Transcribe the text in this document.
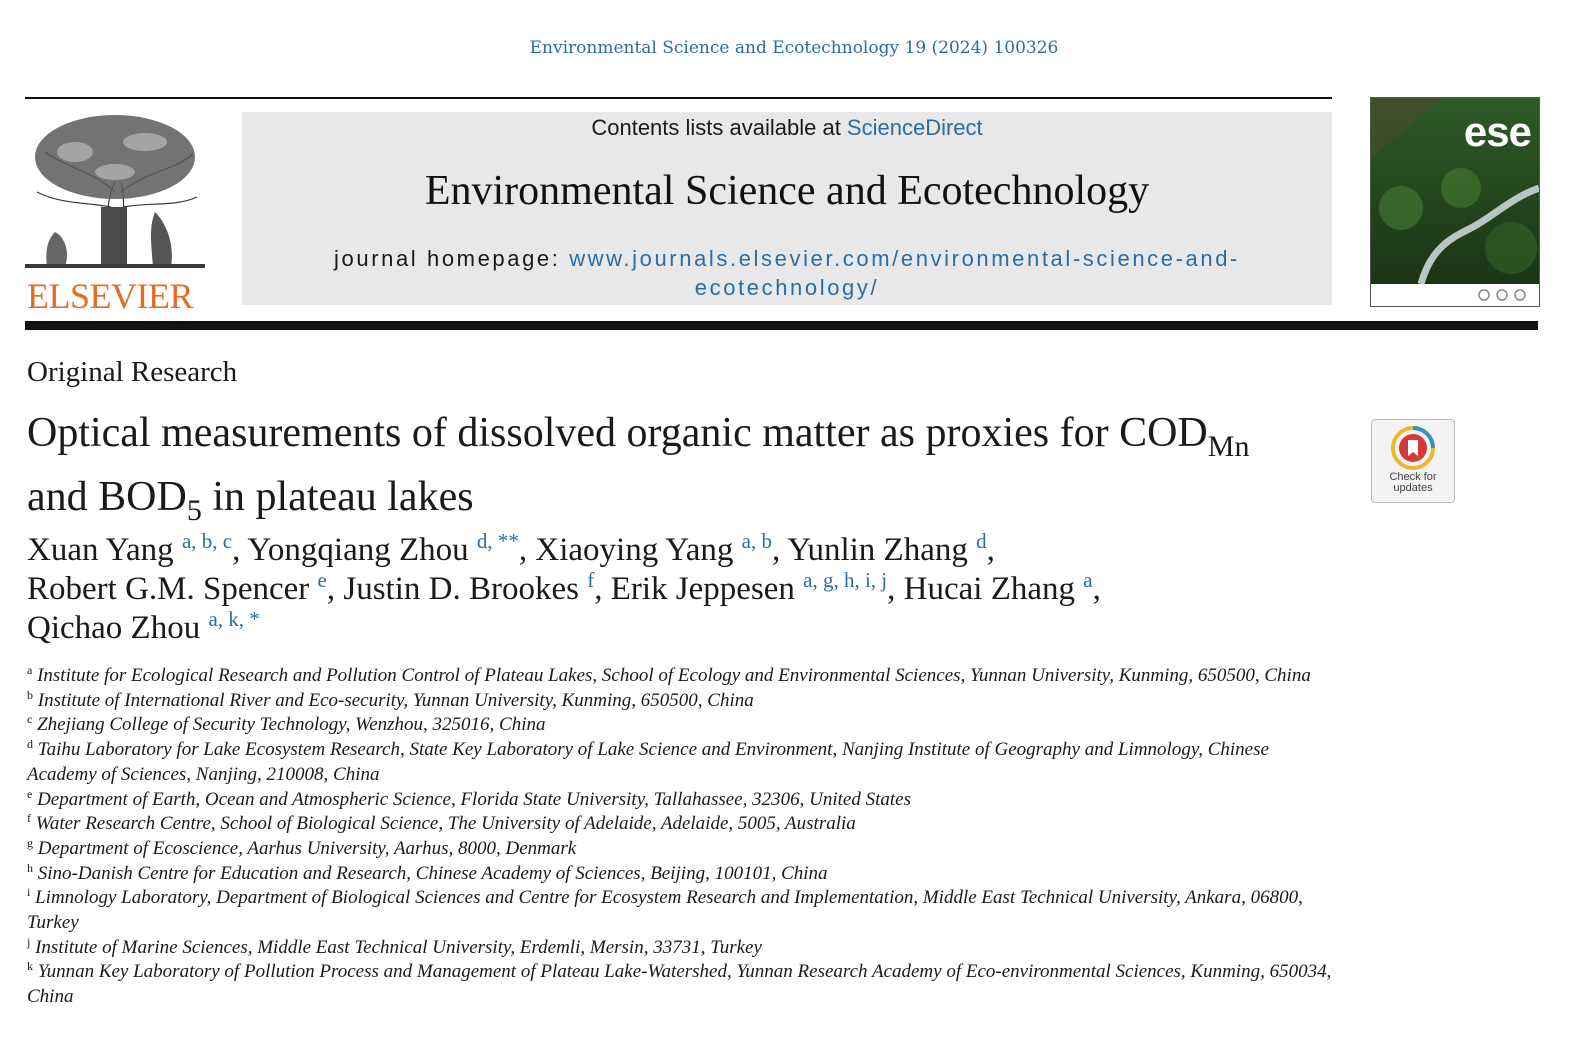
Environmental Science and Ecotechnology 19 (2024) 100326
ELSEVIER
Contents lists available at ScienceDirect
Environmental Science and Ecotechnology
journal homepage: www.journals.elsevier.com/environmental-science-and-ecotechnology/
ese
Original Research
Optical measurements of dissolved organic matter as proxies for $COD_{Mn}$ and $BOD_5$ in plateau lakes	Check for
updates
Xuan Yang $^{a, b, c}$, Yongqiang Zhou $^{d, **}$, Xiaoying Yang $^{a, b}$, Yunlin Zhang $^d$,
Robert G.M. Spencer $^e$, Justin D. Brookes $^f$, Erik Jeppesen $^{a, g, h, i, j}$, Hucai Zhang $^a$,
Qichao Zhou $^{a, k, *}$

$^a$ Institute for Ecological Research and Pollution Control of Plateau Lakes, School of Ecology and Environmental Sciences, Yunnan University, Kunming, 650500, China

$^b$ Institute of International River and Eco-security, Yunnan University, Kunming, 650500, China

$^c$ Zhejiang College of Security Technology, Wenzhou, 325016, China

$^d$ Taihu Laboratory for Lake Ecosystem Research, State Key Laboratory of Lake Science and Environment, Nanjing Institute of Geography and Limnology, Chinese Academy of Sciences, Nanjing, 210008, China

$^e$ Department of Earth, Ocean and Atmospheric Science, Florida State University, Tallahassee, 32306, United States

$^f$ Water Research Centre, School of Biological Science, The University of Adelaide, Adelaide, 5005, Australia

$^g$ Department of Ecoscience, Aarhus University, Aarhus, 8000, Denmark

$^h$ Sino-Danish Centre for Education and Research, Chinese Academy of Sciences, Beijing, 100101, China

$^i$ Limnology Laboratory, Department of Biological Sciences and Centre for Ecosystem Research and Implementation, Middle East Technical University, Ankara, 06800, Turkey

$^j$ Institute of Marine Sciences, Middle East Technical University, Erdemli, Mersin, 33731, Turkey

$^k$ Yunnan Key Laboratory of Pollution Process and Management of Plateau Lake-Watershed, Yunnan Research Academy of Eco-environmental Sciences, Kunming, 650034, China
